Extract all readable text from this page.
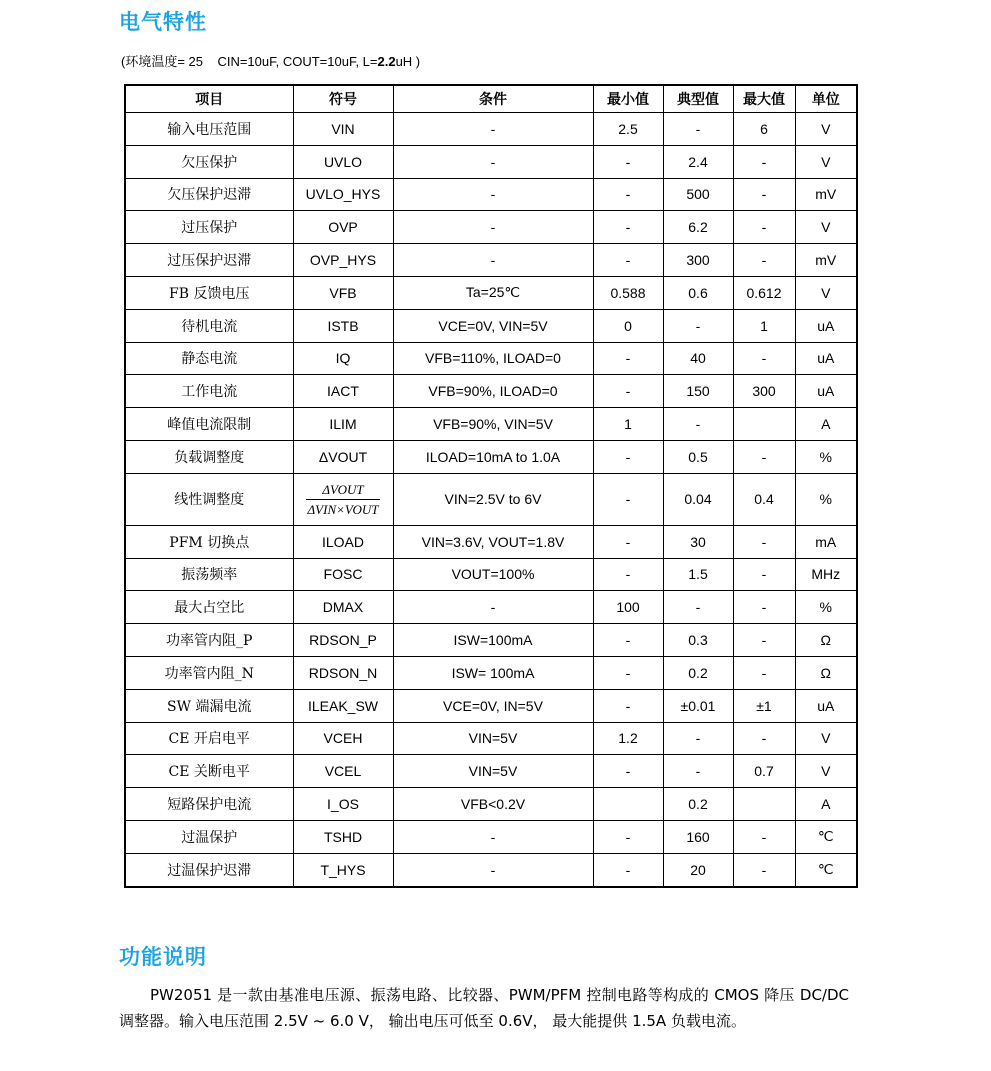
电气特性
(环境温度= 25    CIN=10uF, COUT=10uF, L=2.2uH )
项目	符号	条件	最小值	典型值	最大值	单位
输入电压范围	VIN	-	2.5	-	6	V
欠压保护	UVLO	-	-	2.4	-	V
欠压保护迟滞	UVLO_HYS	-	-	500	-	mV
过压保护	OVP	-	-	6.2	-	V
过压保护迟滞	OVP_HYS	-	-	300	-	mV
FB 反馈电压	VFB	Ta=25℃	0.588	0.6	0.612	V
待机电流	ISTB	VCE=0V, VIN=5V	0	-	1	uA
静态电流	IQ	VFB=110%, ILOAD=0	-	40	-	uA
工作电流	IACT	VFB=90%, ILOAD=0	-	150	300	uA
峰值电流限制	ILIM	VFB=90%, VIN=5V	1	-		A
负载调整度	ΔVOUT	ILOAD=10mA to 1.0A	-	0.5	-	%
线性调整度	$\frac{\text{ΔVOUT}}{\text{ΔVIN×VOUT}}$	VIN=2.5V to 6V	-	0.04	0.4	%
PFM 切换点	ILOAD	VIN=3.6V, VOUT=1.8V	-	30	-	mA
振荡频率	FOSC	VOUT=100%	-	1.5	-	MHz
最大占空比	DMAX	-	100	-	-	%
功率管内阻_P	RDSON_P	ISW=100mA	-	0.3	-	Ω
功率管内阻_N	RDSON_N	ISW= 100mA	-	0.2	-	Ω
SW 端漏电流	ILEAK_SW	VCE=0V, IN=5V	-	±0.01	±1	uA
CE 开启电平	VCEH	VIN=5V	1.2	-	-	V
CE 关断电平	VCEL	VIN=5V	-	-	0.7	V
短路保护电流	I_OS	VFB<0.2V		0.2		A
过温保护	TSHD	-	-	160	-	℃
过温保护迟滞	T_HYS	-	-	20	-	℃
功能说明

PW2051 是一款由基准电压源、振荡电路、比较器、PWM/PFM 控制电路等构成的 CMOS 降压 DC/DC 调整器。输入电压范围 2.5V ~ 6.0 V， 输出电压可低至 0.6V， 最大能提供 1.5A 负载电流。
